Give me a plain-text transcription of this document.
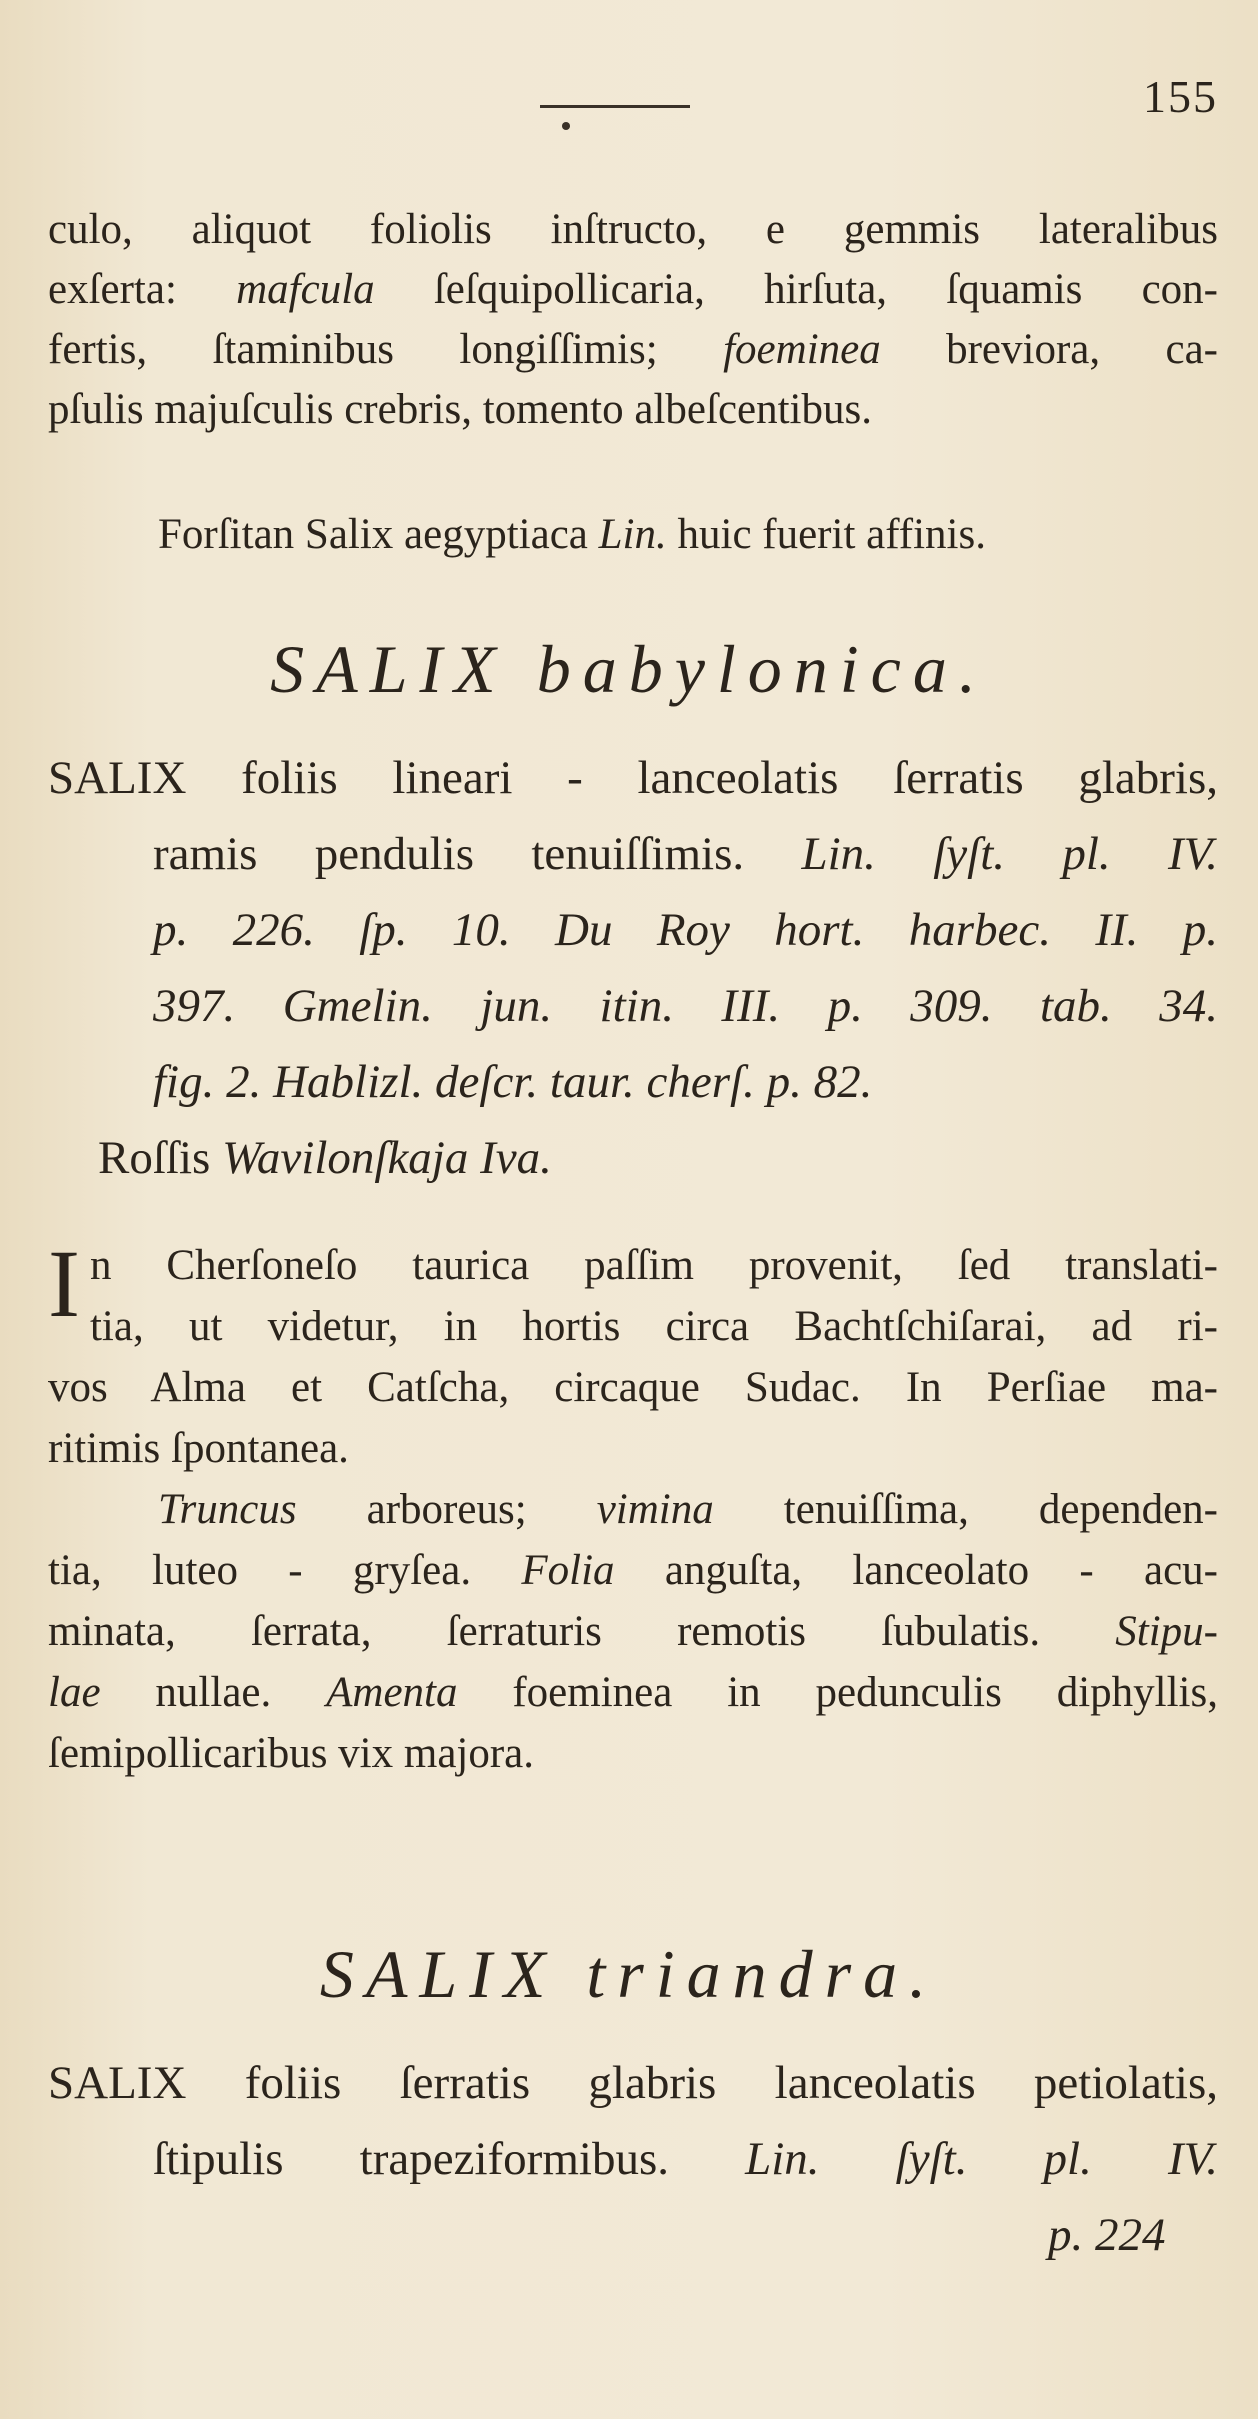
155
culo, aliquot foliolis inſtructo, e gemmis lateralibus
exſerta: mafcula ſeſquipollicaria, hirſuta, ſquamis con-
fertis, ſtaminibus longiſſimis; foeminea breviora, ca-
pſulis majuſculis crebris, tomento albeſcentibus.
Forſitan Salix aegyptiaca Lin. huic fuerit affinis.
SALIX babylonica.
SALIX foliis lineari - lanceolatis ſerratis glabris,
ramis pendulis tenuiſſimis. Lin. ſyſt. pl. IV.
p. 226. ſp. 10. Du Roy hort. harbec. II. p.
397. Gmelin. jun. itin. III. p. 309. tab. 34.
fig. 2. Hablizl. deſcr. taur. cherſ. p. 82.
Roſſis Wavilonſkaja Iva.
I n Cherſoneſo taurica paſſim provenit, ſed translati-
tia, ut videtur, in hortis circa Bachtſchiſarai, ad ri-
vos Alma et Catſcha, circaque Sudac. In Perſiae ma-
ritimis ſpontanea.
Truncus arboreus; vimina tenuiſſima, dependen-
tia, luteo - gryſea. Folia anguſta, lanceolato - acu-
minata, ſerrata, ſerraturis remotis ſubulatis. Stipu-
lae nullae. Amenta foeminea in pedunculis diphyllis,
ſemipollicaribus vix majora.
SALIX triandra.
SALIX foliis ſerratis glabris lanceolatis petiolatis,
ſtipulis trapeziformibus. Lin. ſyſt. pl. IV.
p. 224
